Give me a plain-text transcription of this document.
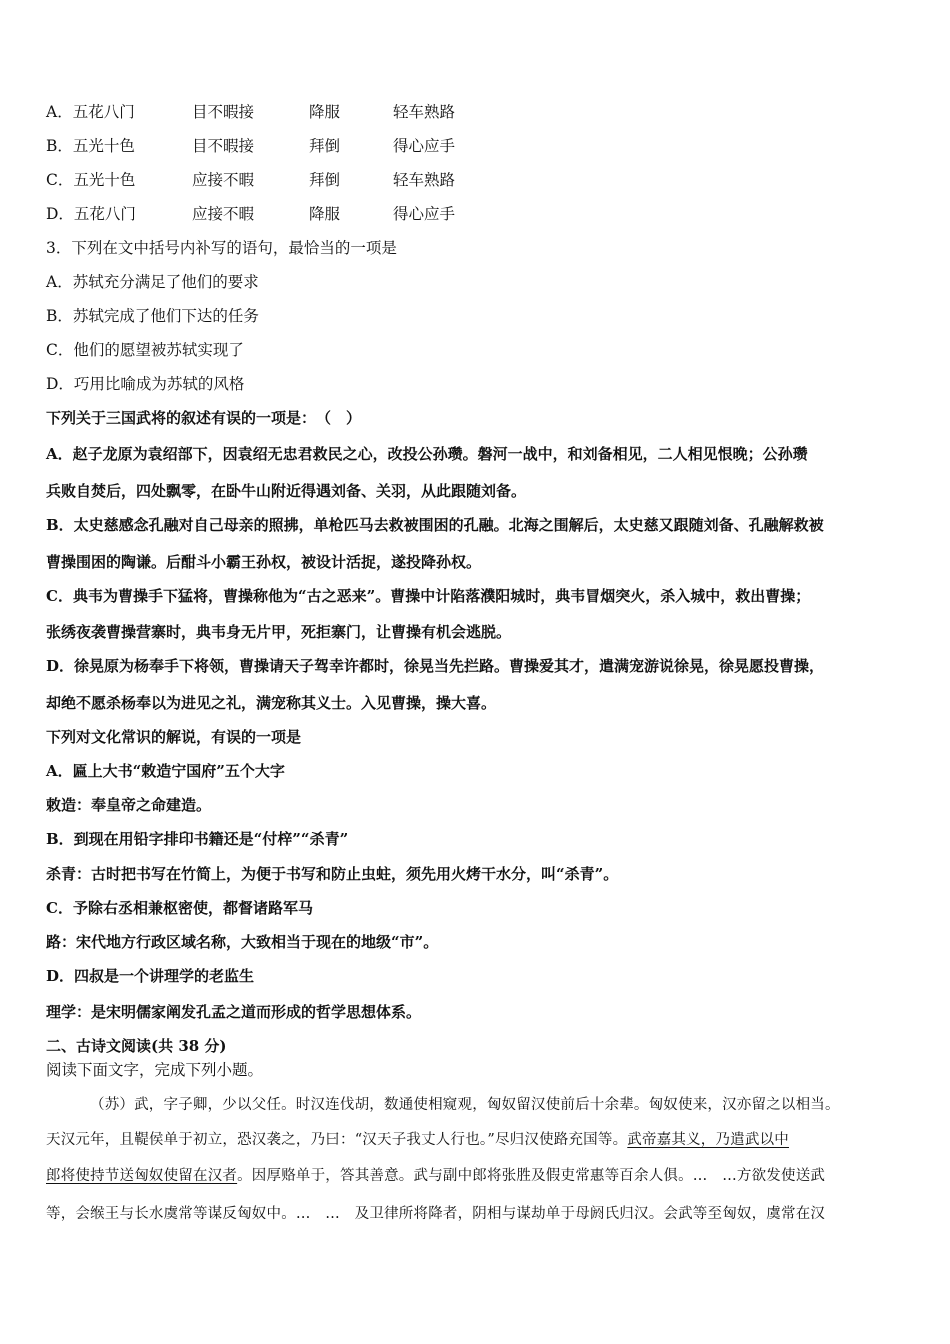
A．五花八门	目不暇接	降服	轻车熟路
B．五光十色	目不暇接	拜倒	得心应手
C．五光十色	应接不暇	拜倒	轻车熟路
D．五花八门	应接不暇	降服	得心应手
3．下列在文中括号内补写的语句，最恰当的一项是
A．苏轼充分满足了他们的要求
B．苏轼完成了他们下达的任务
C．他们的愿望被苏轼实现了
D．巧用比喻成为苏轼的风格
下列关于三国武将的叙述有误的一项是：　（　）
A．赵子龙原为袁绍部下，因袁绍无忠君救民之心，改投公孙瓒。磐河一战中，和刘备相见，二人相见恨晚；公孙瓒
兵败自焚后，四处飘零，在卧牛山附近得遇刘备、关羽，从此跟随刘备。
B．太史慈感念孔融对自己母亲的照拂，单枪匹马去救被围困的孔融。北海之围解后，太史慈又跟随刘备、孔融解救被
曹操围困的陶谦。后酣斗小霸王孙权，被设计活捉，遂投降孙权。
C．典韦为曹操手下猛将，曹操称他为“古之恶来”。曹操中计陷落濮阳城时，典韦冒烟突火，杀入城中，救出曹操；
张绣夜袭曹操营寨时，典韦身无片甲，死拒寨门，让曹操有机会逃脱。
D．徐晃原为杨奉手下将领，曹操请天子驾幸许都时，徐晃当先拦路。曹操爱其才，遣满宠游说徐晃，徐晃愿投曹操，
却绝不愿杀杨奉以为进见之礼，满宠称其义士。入见曹操，操大喜。
下列对文化常识的解说，有误的一项是
A．匾上大书“敕造宁国府”五个大字
敕造：奉皇帝之命建造。
B．到现在用铅字排印书籍还是“付梓”“杀青”
杀青：古时把书写在竹简上，为便于书写和防止虫蛀，须先用火烤干水分，叫“杀青”。
C．予除右丞相兼枢密使，都督诸路军马
路：宋代地方行政区域名称，大致相当于现在的地级“市”。
D．四叔是一个讲理学的老监生
理学：是宋明儒家阐发孔孟之道而形成的哲学思想体系。
二、古诗文阅读(共 38 分)
阅读下面文字，完成下列小题。
（苏）武，字子卿，少以父任。时汉连伐胡，数通使相窥观，匈奴留汉使前后十余辈。匈奴使来，汉亦留之以相当。
天汉元年，且鞮侯单于初立，恐汉袭之，乃曰：“汉天子我丈人行也。”尽归汉使路充国等。武帝嘉其义，乃遣武以中
郎将使持节送匈奴使留在汉者。因厚赂单于，答其善意。武与副中郎将张胜及假吏常惠等百余人俱。…　…方欲发使送武
等，会缑王与长水虞常等谋反匈奴中。…　…　及卫律所将降者，阴相与谋劫单于母阏氏归汉。会武等至匈奴，虞常在汉
